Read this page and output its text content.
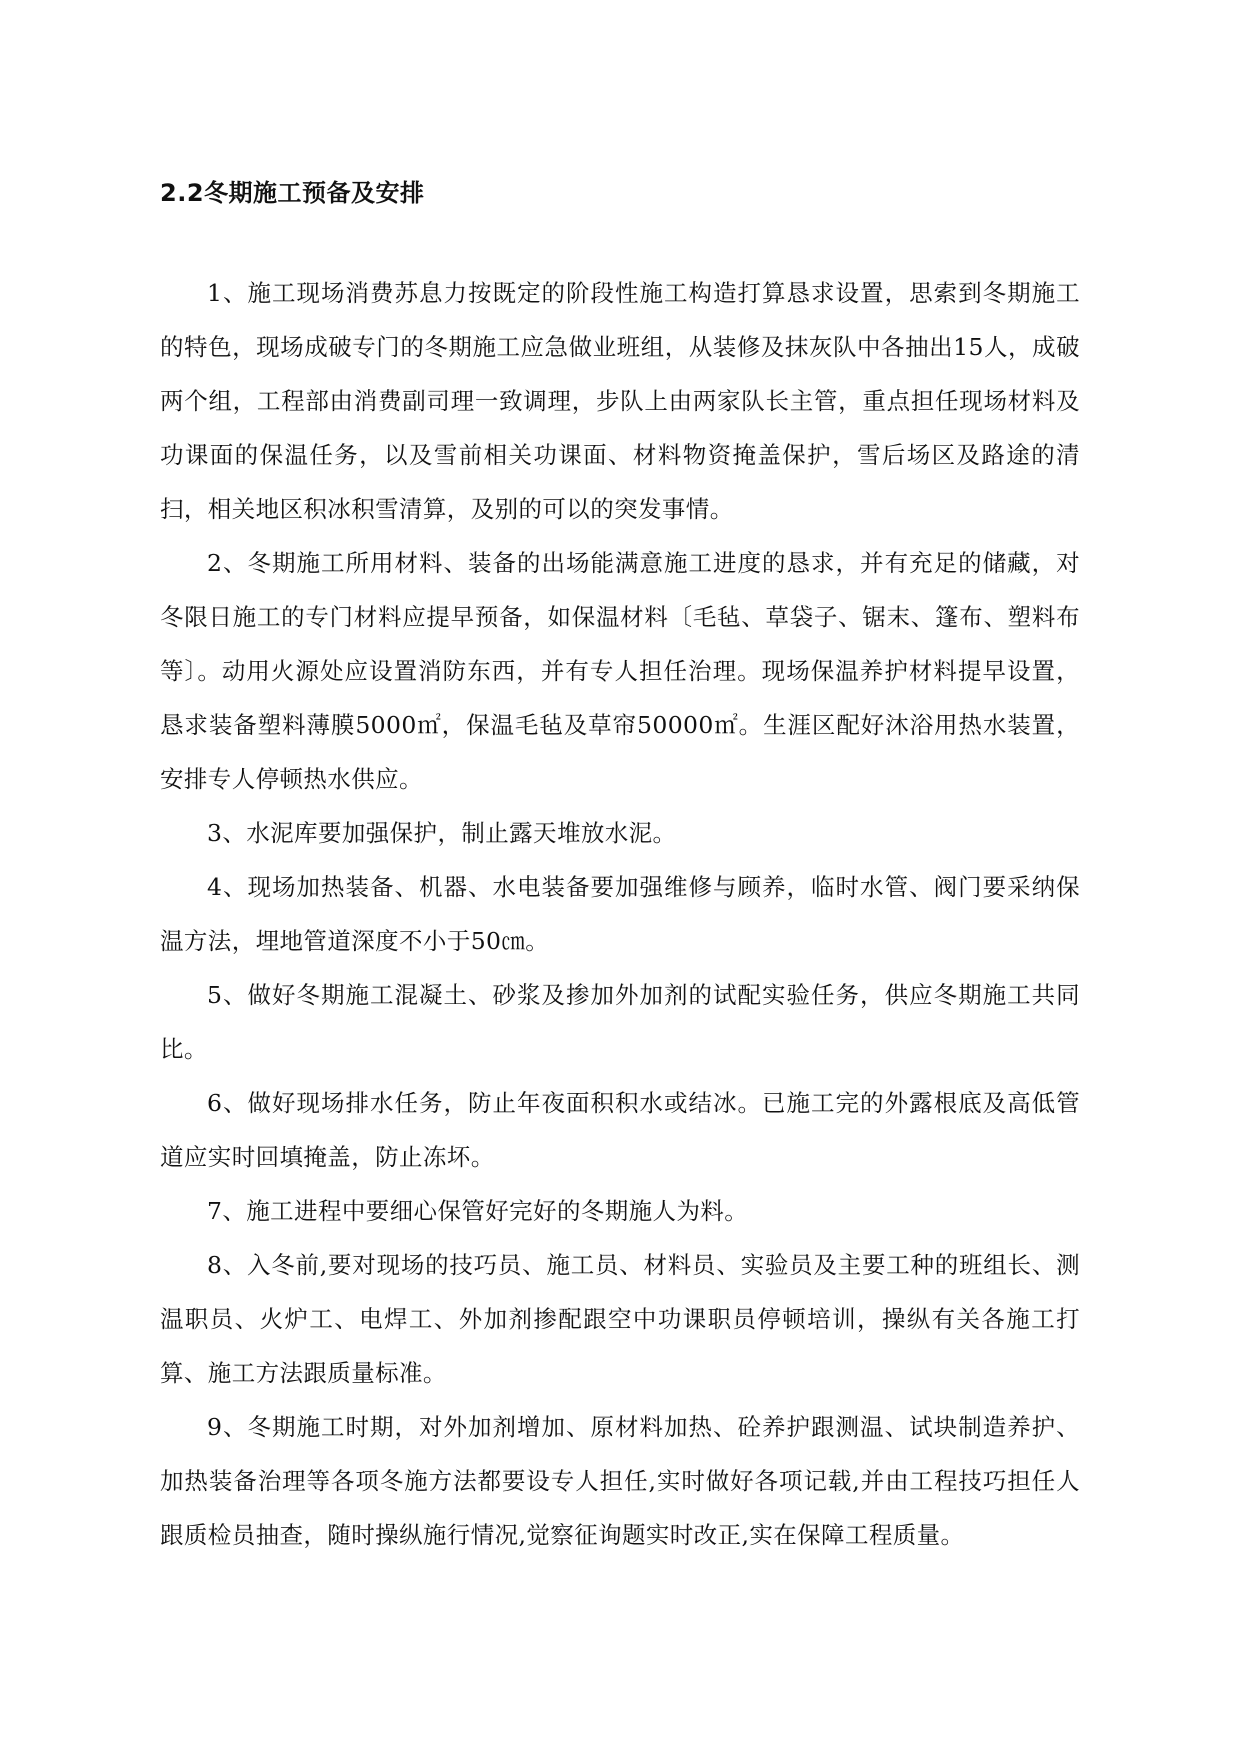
2.2冬期施工预备及安排

1、施工现场消费苏息力按既定的阶段性施工构造打算恳求设置，思索到冬期施工的特色，现场成破专门的冬期施工应急做业班组，从装修及抹灰队中各抽出15人，成破两个组，工程部由消费副司理一致调理，步队上由两家队长主管，重点担任现场材料及功课面的保温任务，以及雪前相关功课面、材料物资掩盖保护，雪后场区及路途的清扫，相关地区积冰积雪清算，及别的可以的突发事情。

2、冬期施工所用材料、装备的出场能满意施工进度的恳求，并有充足的储藏，对冬限日施工的专门材料应提早预备，如保温材料〔毛毡、草袋子、锯末、篷布、塑料布等〕。动用火源处应设置消防东西，并有专人担任治理。现场保温养护材料提早设置，恳求装备塑料薄膜5000㎡，保温毛毡及草帘50000㎡。生涯区配好沐浴用热水装置，安排专人停顿热水供应。

3、水泥库要加强保护，制止露天堆放水泥。

4、现场加热装备、机器、水电装备要加强维修与顾养，临时水管、阀门要采纳保温方法，埋地管道深度不小于50㎝。

5、做好冬期施工混凝土、砂浆及掺加外加剂的试配实验任务，供应冬期施工共同比。

6、做好现场排水任务，防止年夜面积积水或结冰。已施工完的外露根底及高低管道应实时回填掩盖，防止冻坏。

7、施工进程中要细心保管好完好的冬期施人为料。

8、入冬前,要对现场的技巧员、施工员、材料员、实验员及主要工种的班组长、测温职员、火炉工、电焊工、外加剂掺配跟空中功课职员停顿培训，操纵有关各施工打算、施工方法跟质量标准。

9、冬期施工时期，对外加剂增加、原材料加热、砼养护跟测温、试块制造养护、加热装备治理等各项冬施方法都要设专人担任,实时做好各项记载,并由工程技巧担任人跟质检员抽查，随时操纵施行情况,觉察征询题实时改正,实在保障工程质量。
